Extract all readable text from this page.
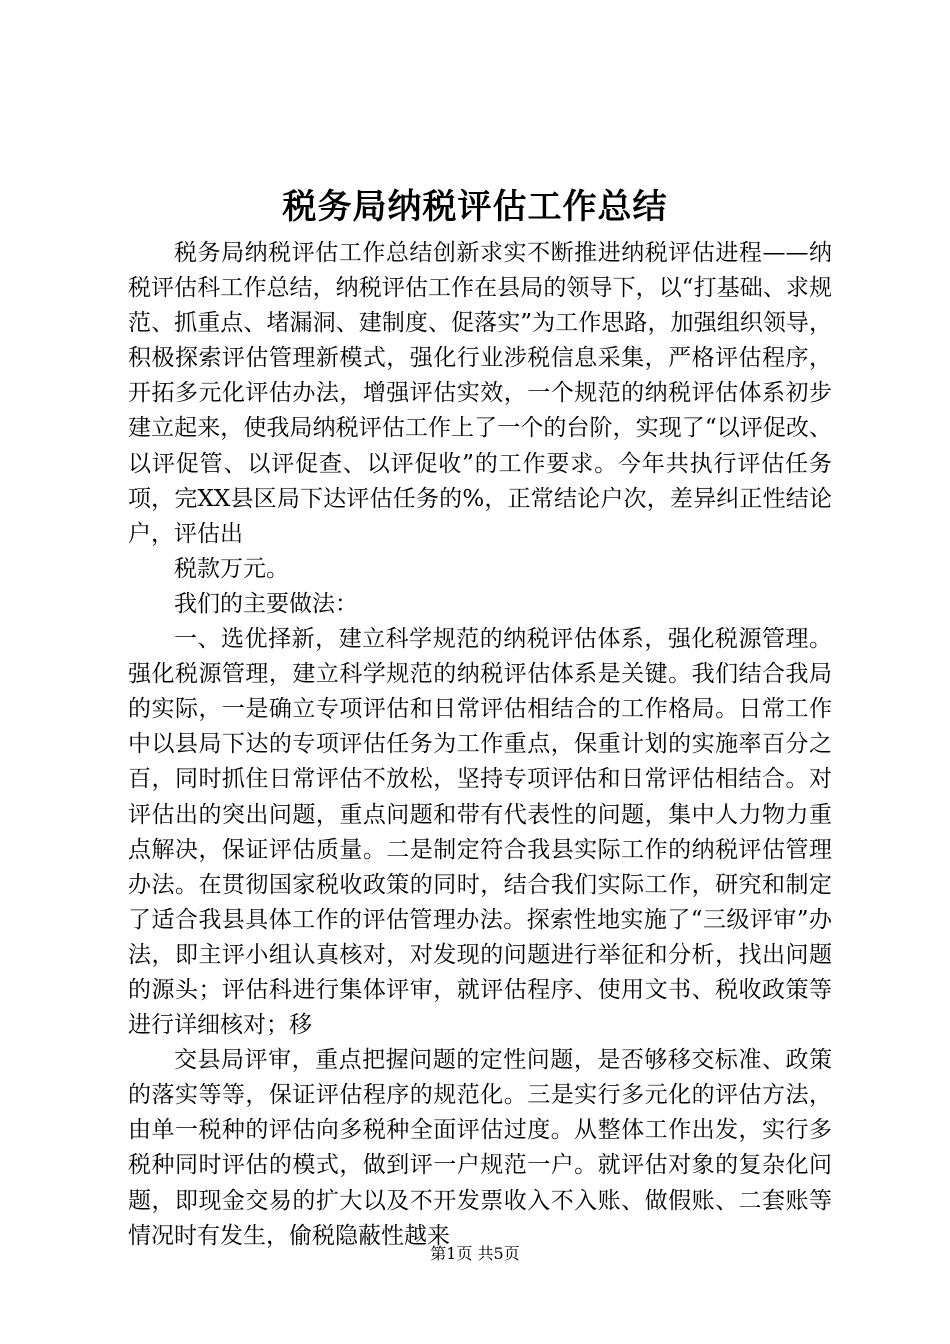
税务局纳税评估工作总结

税务局纳税评估工作总结创新求实不断推进纳税评估进程——纳税评估科工作总结，纳税评估工作在县局的领导下，以“打基础、求规范、抓重点、堵漏洞、建制度、促落实”为工作思路，加强组织领导，积极探索评估管理新模式，强化行业涉税信息采集，严格评估程序，开拓多元化评估办法，增强评估实效，一个规范的纳税评估体系初步建立起来，使我局纳税评估工作上了一个的台阶，实现了“以评促改、以评促管、以评促查、以评促收”的工作要求。今年共执行评估任务项，完XX县区局下达评估任务的%，正常结论户次，差异纠正性结论户，评估出

税款万元。

我们的主要做法：

一、选优择新，建立科学规范的纳税评估体系，强化税源管理。强化税源管理，建立科学规范的纳税评估体系是关键。我们结合我局的实际，一是确立专项评估和日常评估相结合的工作格局。日常工作中以县局下达的专项评估任务为工作重点，保重计划的实施率百分之百，同时抓住日常评估不放松，坚持专项评估和日常评估相结合。对评估出的突出问题，重点问题和带有代表性的问题，集中人力物力重点解决，保证评估质量。二是制定符合我县实际工作的纳税评估管理办法。在贯彻国家税收政策的同时，结合我们实际工作，研究和制定了适合我县具体工作的评估管理办法。探索性地实施了“三级评审”办法，即主评小组认真核对，对发现的问题进行举征和分析，找出问题的源头；评估科进行集体评审，就评估程序、使用文书、税收政策等进行详细核对；移

交县局评审，重点把握问题的定性问题，是否够移交标准、政策的落实等等，保证评估程序的规范化。三是实行多元化的评估方法，由单一税种的评估向多税种全面评估过度。从整体工作出发，实行多税种同时评估的模式，做到评一户规范一户。就评估对象的复杂化问题，即现金交易的扩大以及不开发票收入不入账、做假账、二套账等情况时有发生，偷税隐蔽性越来

第1页 共5页
